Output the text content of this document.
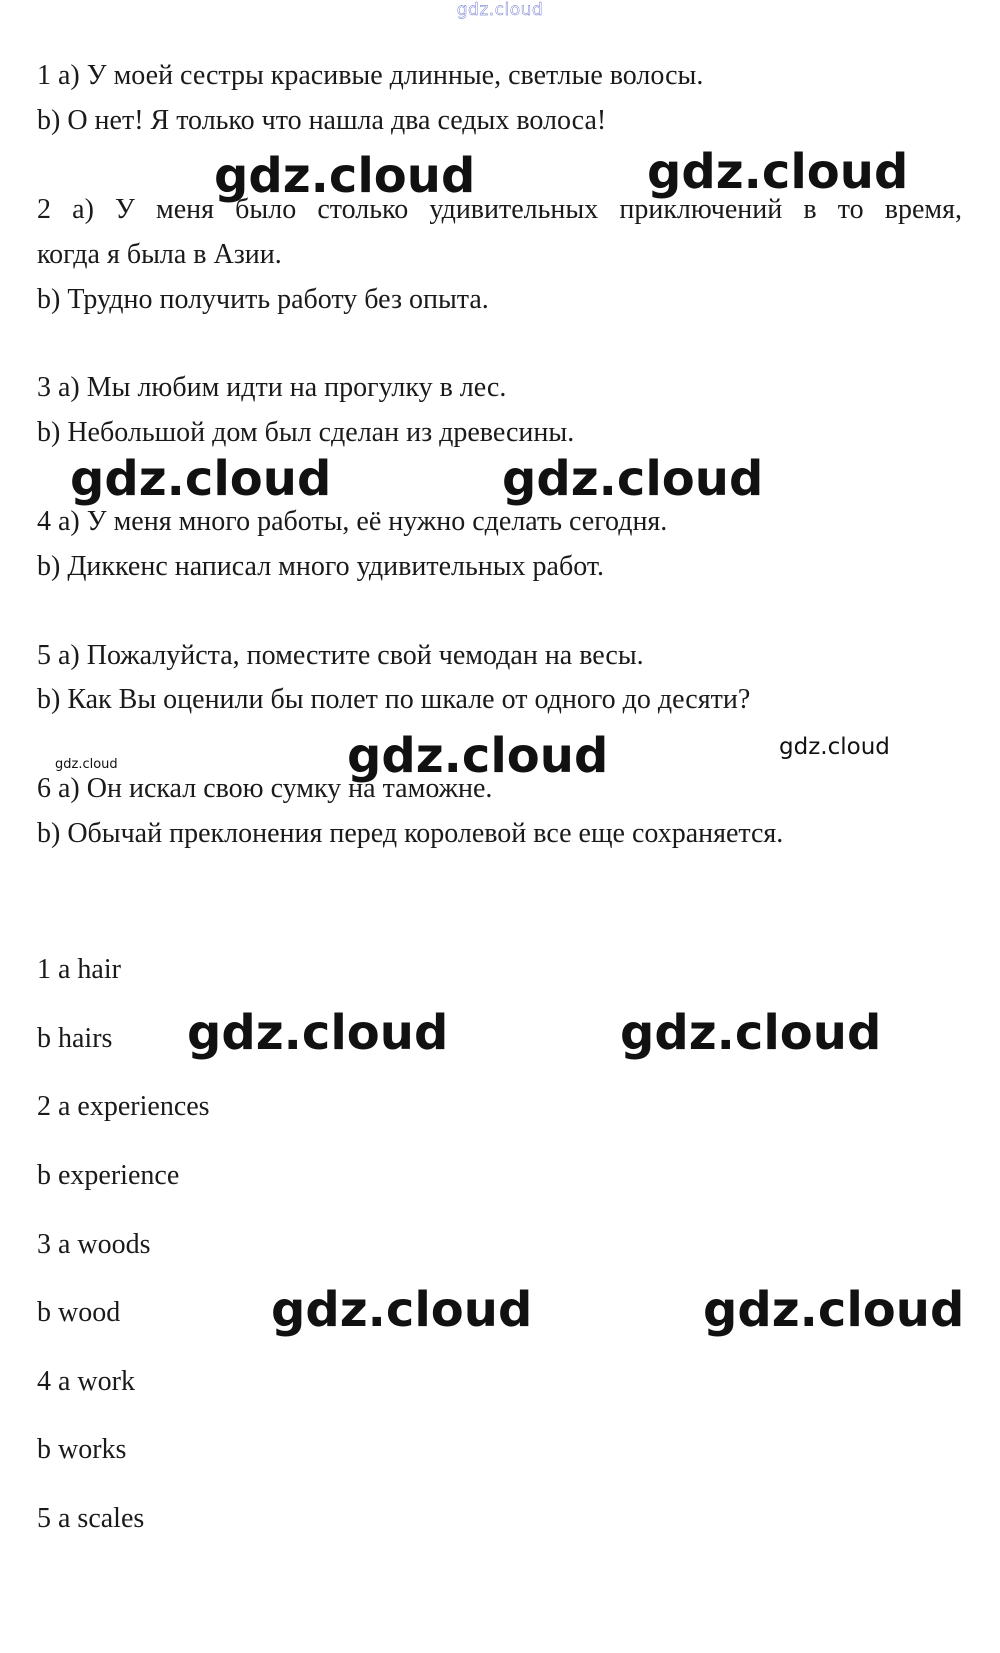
gdz.cloud
1 a) У моей сестры красивые длинные, светлые волосы.
b) О нет! Я только что нашла два седых волоса!
2 a) У меня было столько удивительных приключений в то время,
когда я была в Азии.
b) Трудно получить работу без опыта.
3 a) Мы любим идти на прогулку в лес.
b) Небольшой дом был сделан из древесины.
4 a) У меня много работы, её нужно сделать сегодня.
b) Диккенс написал много удивительных работ.
5 a) Пожалуйста, поместите свой чемодан на весы.
b) Как Вы оценили бы полет по шкале от одного до десяти?
6 a) Он искал свою сумку на таможне.
b) Обычай преклонения перед королевой все еще сохраняется.
1 a hair
b hairs
2 a experiences
b experience
3 a woods
b wood
4 a work
b works
5 a scales
gdz.cloud	gdz.cloud
gdz.cloud	gdz.cloud
gdz.cloud	gdz.cloud	gdz.cloud
gdz.cloud	gdz.cloud
gdz.cloud	gdz.cloud
